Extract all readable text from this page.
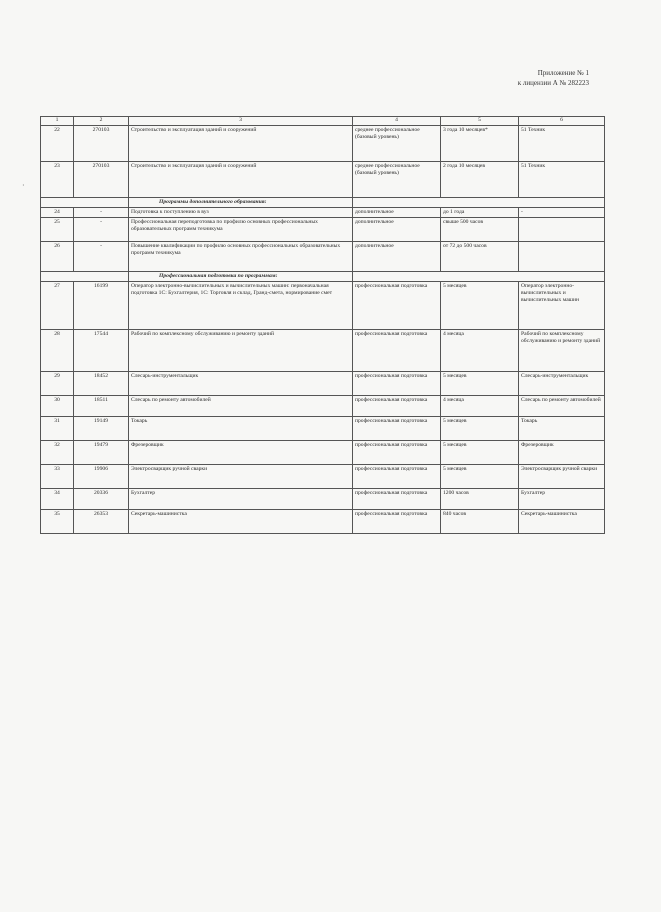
Приложение № 1
к лицензии А № 282223
·
1	2	3	4	5	6
22	270103	Строительство и эксплуатация зданий и сооружений	среднее профессиональное (базовый уровень)	3 года 10 месяцев*	51 Техник
23	270103	Строительство и эксплуатация зданий и сооружений	среднее профессиональное (базовый уровень)	2 года 10 месяцев	51 Техник
		Программы дополнительного образования:			
24	-	Подготовка к поступлению в вуз	дополнительное	до 1 года	-
25	-	Профессиональная переподготовка по профилю основных профессиональных образовательных программ техникума	дополнительное	свыше 500 часов	
26	-	Повышение квалификации по профилю основных профессиональных образовательных программ техникума	дополнительное	от 72 до 500 часов	
		Профессиональная подготовка по программам:			
27	16199	Оператор электронно-вычислительных и вычислительных машин: первоначальная подготовка 1С: Бухгалтерия, 1С: Торговля и склад, Гранд-смета, нормирование смет	профессиональная подготовка	5 месяцев	Оператор электронно-вычислительных и вычислительных машин
28	17544	Рабочий по комплексному обслуживанию и ремонту зданий	профессиональная подготовка	4 месяца	Рабочий по комплексному обслуживанию и ремонту зданий
29	18452	Слесарь-инструментальщик	профессиональная подготовка	5 месяцев	Слесарь-инструментальщик
30	18511	Слесарь по ремонту автомобилей	профессиональная подготовка	4 месяца	Слесарь по ремонту автомобилей
31	19149	Токарь	профессиональная подготовка	5 месяцев	Токарь
32	19479	Фрезеровщик	профессиональная подготовка	5 месяцев	Фрезеровщик
33	19906	Электросварщик ручной сварки	профессиональная подготовка	5 месяцев	Электросварщик ручной сварки
34	20336	Бухгалтер	профессиональная подготовка	1200 часов	Бухгалтер
35	26353	Секретарь-машинистка	профессиональная подготовка	840 часов	Секретарь-машинистка
